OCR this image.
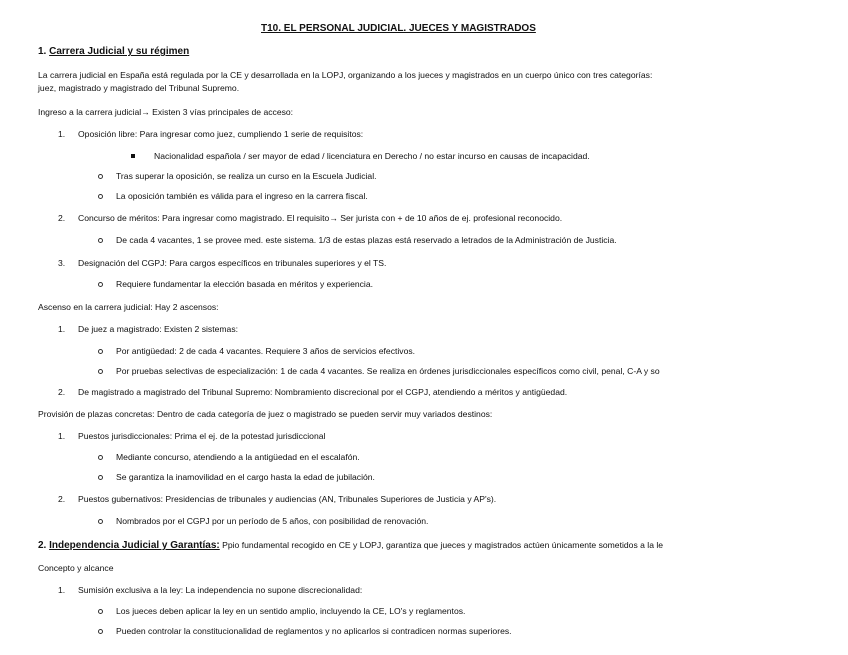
T10. EL PERSONAL JUDICIAL. JUECES Y MAGISTRADOS
1. Carrera Judicial y su régimen
La carrera judicial en España está regulada por la CE y desarrollada en la LOPJ, organizando a los jueces y magistrados en un cuerpo único con tres categorías:
juez, magistrado y magistrado del Tribunal Supremo.
Ingreso a la carrera judicial→ Existen 3 vías principales de acceso:
1. Oposición libre: Para ingresar como juez, cumpliendo 1 serie de requisitos:
Nacionalidad española / ser mayor de edad / licenciatura en Derecho / no estar incurso en causas de incapacidad.
Tras superar la oposición, se realiza un curso en la Escuela Judicial.
La oposición también es válida para el ingreso en la carrera fiscal.
2. Concurso de méritos: Para ingresar como magistrado. El requisito→ Ser jurista con + de 10 años de ej. profesional reconocido.
De cada 4 vacantes, 1 se provee med. este sistema. 1/3 de estas plazas está reservado a letrados de la Administración de Justicia.
3. Designación del CGPJ: Para cargos específicos en tribunales superiores y el TS.
Requiere fundamentar la elección basada en méritos y experiencia.
Ascenso en la carrera judicial: Hay 2 ascensos:
1. De juez a magistrado: Existen 2 sistemas:
Por antigüedad: 2 de cada 4 vacantes. Requiere 3 años de servicios efectivos.
Por pruebas selectivas de especialización: 1 de cada 4 vacantes. Se realiza en órdenes jurisdiccionales específicos como civil, penal, C-A y so
2. De magistrado a magistrado del Tribunal Supremo: Nombramiento discrecional por el CGPJ, atendiendo a méritos y antigüedad.
Provisión de plazas concretas: Dentro de cada categoría de juez o magistrado se pueden servir muy variados destinos:
1. Puestos jurisdiccionales: Prima el ej. de la potestad jurisdiccional
Mediante concurso, atendiendo a la antigüedad en el escalafón.
Se garantiza la inamovilidad en el cargo hasta la edad de jubilación.
2. Puestos gubernativos: Presidencias de tribunales y audiencias (AN, Tribunales Superiores de Justicia y AP's).
Nombrados por el CGPJ por un período de 5 años, con posibilidad de renovación.
2. Independencia Judicial y Garantías: Ppio fundamental recogido en CE y LOPJ, garantiza que jueces y magistrados actúen únicamente sometidos a la le
Concepto y alcance
1. Sumisión exclusiva a la ley: La independencia no supone discrecionalidad:
Los jueces deben aplicar la ley en un sentido amplio, incluyendo la CE, LO's y reglamentos.
Pueden controlar la constitucionalidad de reglamentos y no aplicarlos si contradicen normas superiores.
